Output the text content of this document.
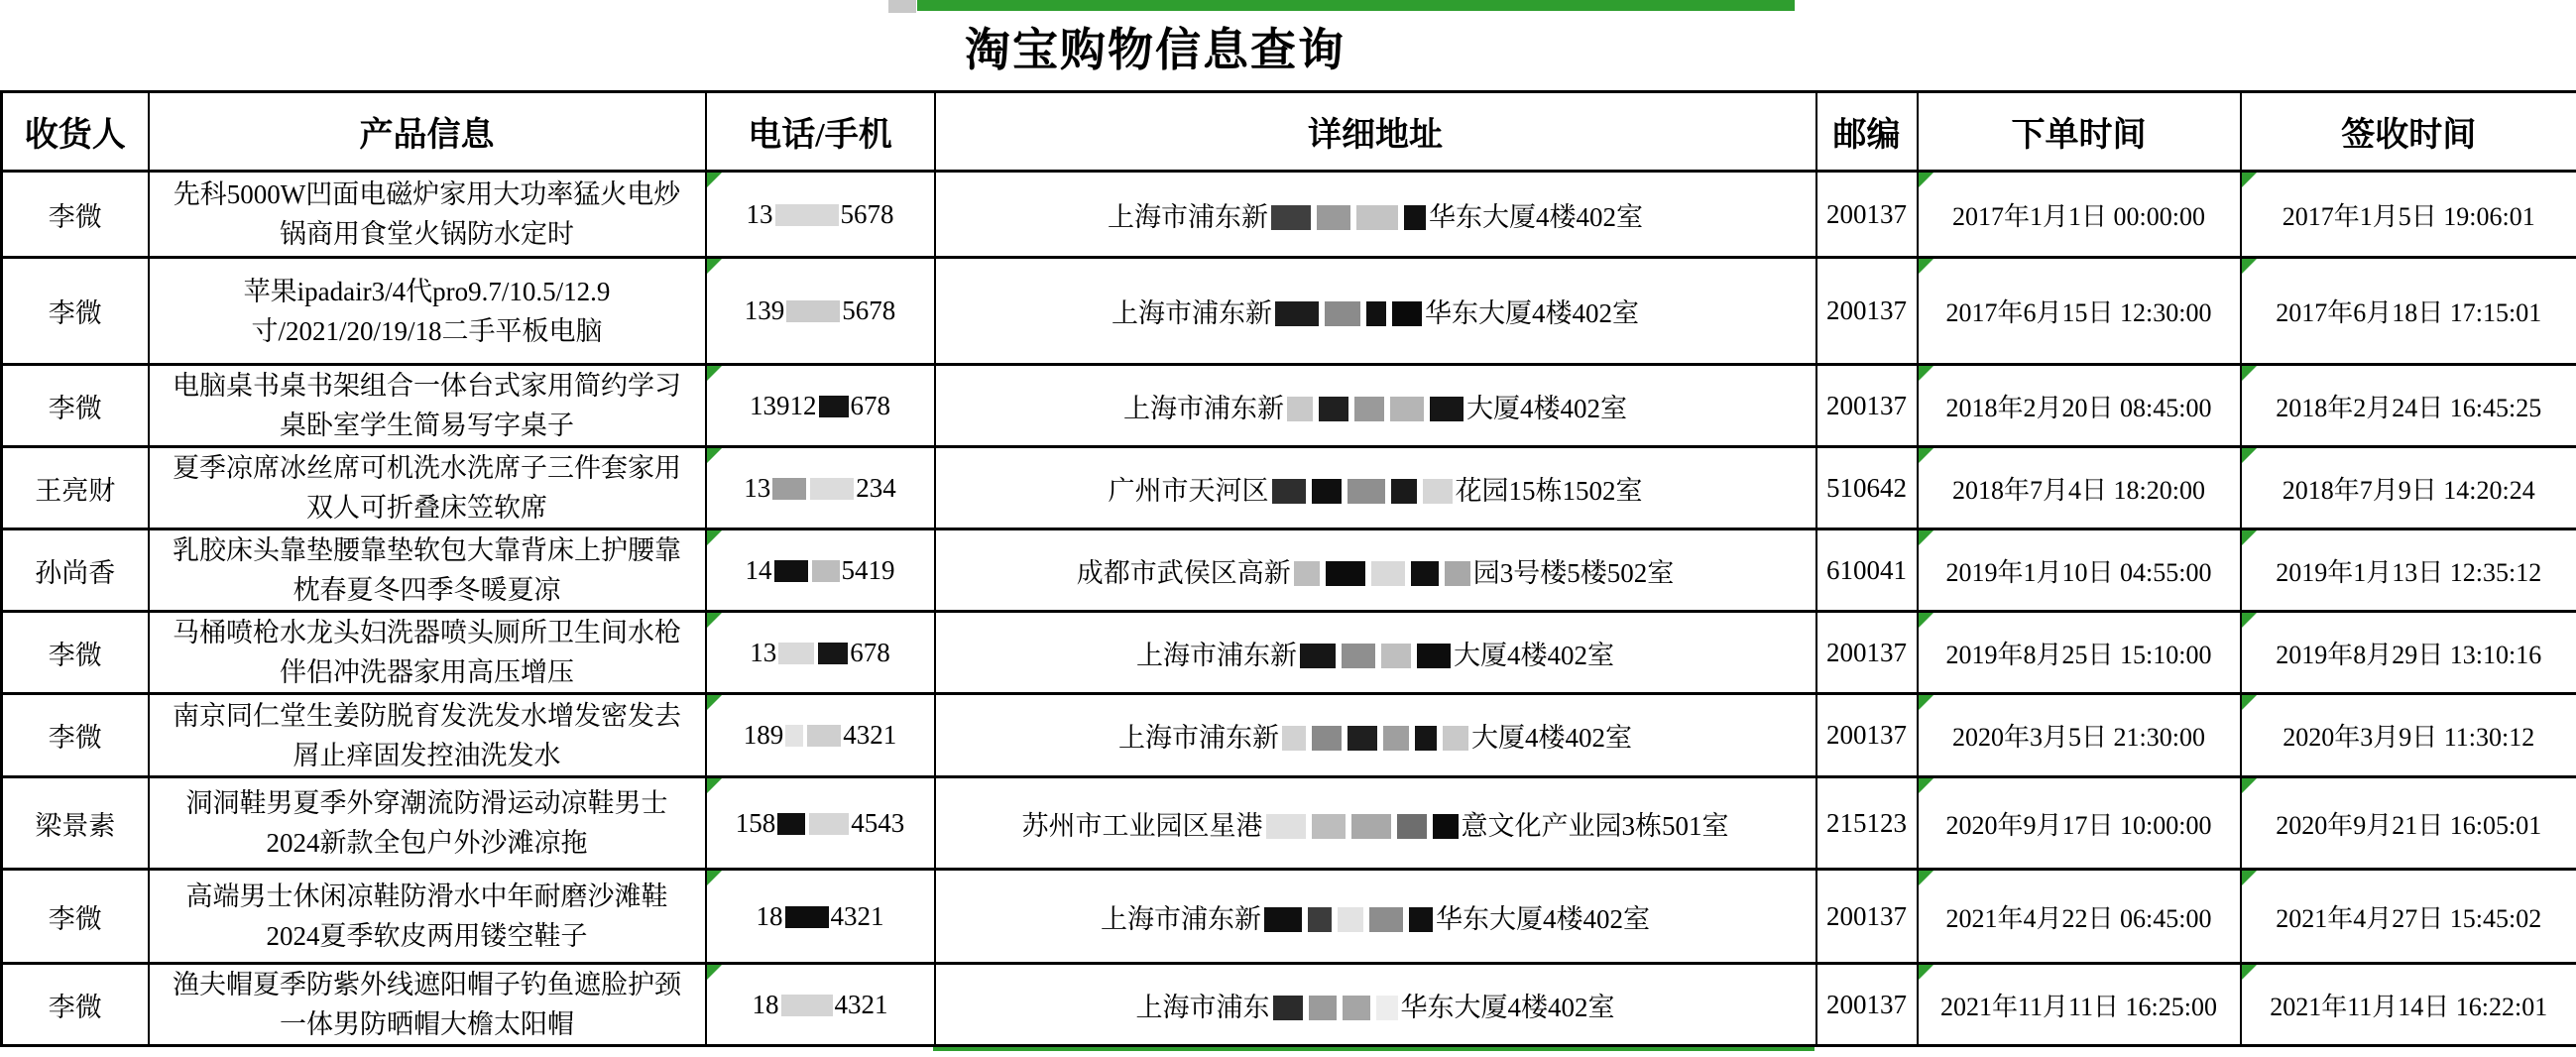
淘宝购物信息查询
收货人	产品信息	电话/手机	详细地址	邮编	下单时间	签收时间
李微	先科5000W凹面电磁炉家用大功率猛火电炒锅商用食堂火锅防水定时	13 5678	上海市浦东新 华东大厦4楼402室	200137	2017年1月1日 00:00:00	2017年1月5日 19:06:01
李微	苹果ipadair3/4代pro9.7/10.5/12.9寸/2021/20/19/18二手平板电脑	139 5678	上海市浦东新 华东大厦4楼402室	200137	2017年6月15日 12:30:00	2017年6月18日 17:15:01
李微	电脑桌书桌书架组合一体台式家用简约学习桌卧室学生简易写字桌子	13912 678	上海市浦东新 大厦4楼402室	200137	2018年2月20日 08:45:00	2018年2月24日 16:45:25
王亮财	夏季凉席冰丝席可机洗水洗席子三件套家用双人可折叠床笠软席	13 234	广州市天河区 花园15栋1502室	510642	2018年7月4日 18:20:00	2018年7月9日 14:20:24
孙尚香	乳胶床头靠垫腰靠垫软包大靠背床上护腰靠枕春夏冬四季冬暖夏凉	14 5419	成都市武侯区高新 园3号楼5楼502室	610041	2019年1月10日 04:55:00	2019年1月13日 12:35:12
李微	马桶喷枪水龙头妇洗器喷头厕所卫生间水枪伴侣冲洗器家用高压增压	13 678	上海市浦东新 大厦4楼402室	200137	2019年8月25日 15:10:00	2019年8月29日 13:10:16
李微	南京同仁堂生姜防脱育发洗发水增发密发去屑止痒固发控油洗发水	189 4321	上海市浦东新 大厦4楼402室	200137	2020年3月5日 21:30:00	2020年3月9日 11:30:12
梁景素	洞洞鞋男夏季外穿潮流防滑运动凉鞋男士2024新款全包户外沙滩凉拖	158 4543	苏州市工业园区星港 意文化产业园3栋501室	215123	2020年9月17日 10:00:00	2020年9月21日 16:05:01
李微	高端男士休闲凉鞋防滑水中年耐磨沙滩鞋2024夏季软皮两用镂空鞋子	18 4321	上海市浦东新 华东大厦4楼402室	200137	2021年4月22日 06:45:00	2021年4月27日 15:45:02
李微	渔夫帽夏季防紫外线遮阳帽子钓鱼遮脸护颈一体男防晒帽大檐太阳帽	18 4321	上海市浦东 华东大厦4楼402室	200137	2021年11月11日 16:25:00	2021年11月14日 16:22:01
